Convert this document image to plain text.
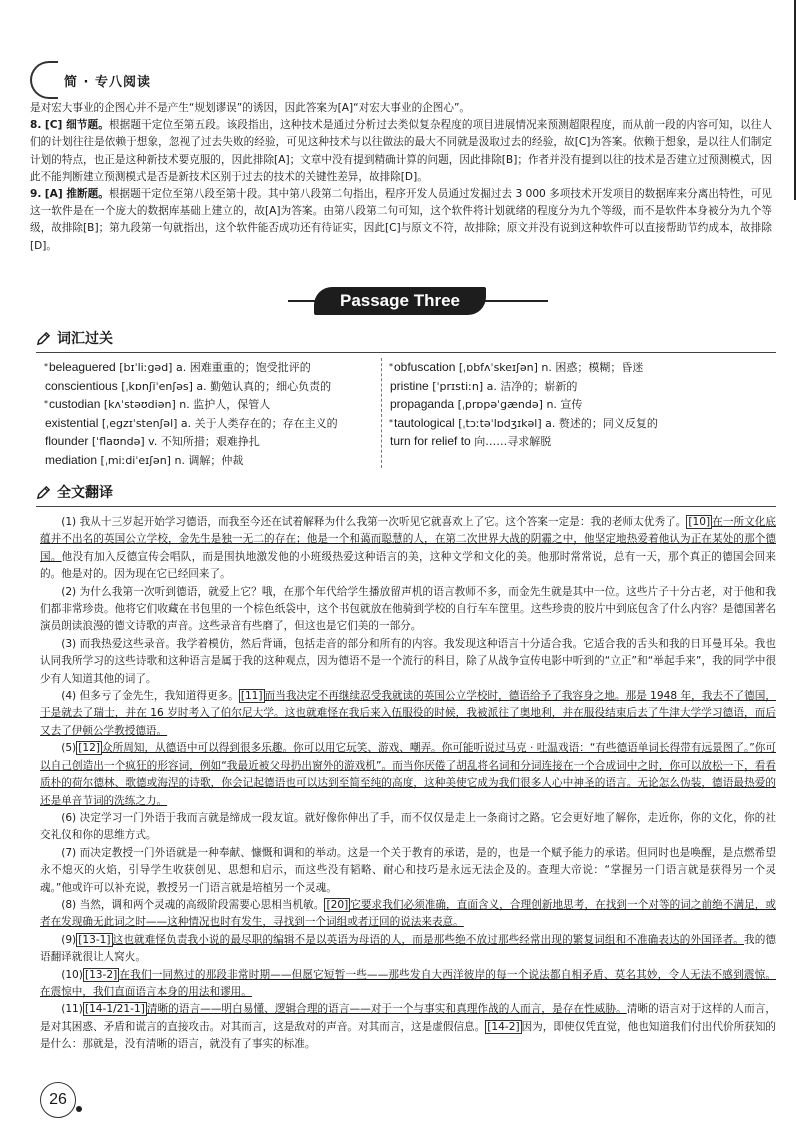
简 · 专八阅读

是对宏大事业的企图心并不是产生“规划谬误”的诱因，因此答案为[A]“对宏大事业的企图心”。

8. [C] 细节题。根据题干定位至第五段。该段指出，这种技术是通过分析过去类似复杂程度的项目进展情况来预测超限程度，而从前一段的内容可知，以往人们的计划往往是依赖于想象，忽视了过去失败的经验，可见这种技术与以往做法的最大不同就是汲取过去的经验，故[C]为答案。依赖于想象，是以往人们制定计划的特点，也正是这种新技术要克服的，因此排除[A]；文章中没有提到精确计算的问题，因此排除[B]；作者并没有提到以往的技术是否建立过预测模式，因此不能判断建立预测模式是否是新技术区别于过去的技术的关键性差异，故排除[D]。

9. [A] 推断题。根据题干定位至第八段至第十段。其中第八段第二句指出，程序开发人员通过发掘过去 3 000 多项技术开发项目的数据库来分离出特性，可见这一软件是在一个庞大的数据库基础上建立的，故[A]为答案。由第八段第二句可知，这个软件将计划就绪的程度分为九个等级，而不是软件本身被分为九个等级，故排除[B]；第九段第一句就指出，这个软件能否成功还有待证实，因此[C]与原文不符，故排除；原文并没有说到这种软件可以直接帮助节约成本，故排除[D]。

Passage Three
词汇过关
*beleaguered [bɪˈliːgəd] a. 困难重重的；饱受批评的
conscientious [ˌkɒnʃiˈenʃəs] a. 勤勉认真的；细心负责的
*custodian [kʌˈstəʊdiən] n. 监护人，保管人
existential [ˌegzɪˈstenʃəl] a. 关于人类存在的；存在主义的
flounder [ˈflaʊndə] v. 不知所措；艰难挣扎
mediation [ˌmiːdiˈeɪʃən] n. 调解；仲裁
*obfuscation [ˌɒbfʌˈskeɪʃən] n. 困惑；模糊；昏迷
pristine [ˈprɪstiːn] a. 洁净的；崭新的
propaganda [ˌprɒpəˈgændə] n. 宣传
*tautological [ˌtɔːtəˈlɒdʒɪkəl] a. 赘述的；同义反复的
turn for relief to 向……寻求解脱
全文翻译

(1) 我从十三岁起开始学习德语，而我至今还在试着解释为什么我第一次听见它就喜欢上了它。这个答案一定是：我的老师太优秀了。 [10] 在一所文化底蕴并不出名的英国公立学校，金先生是独一无二的存在；他是一个和蔼而聪慧的人，在第二次世界大战的阴霾之中，他坚定地热爱着他认为正在某处的那个德国。他没有加入反德宣传会唱队，而是围执地激发他的小班级热爱这种语言的美，这种文学和文化的美。他那时常常说，总有一天，那个真正的德国会回来的。他是对的。因为现在它已经回来了。

(2) 为什么我第一次听到德语，就爱上它？哦，在那个年代给学生播放留声机的语言教师不多，而金先生就是其中一位。这些片子十分古老，对于他和我们都非常珍贵。他将它们收藏在书包里的一个棕色纸袋中，这个书包就放在他骑到学校的自行车车筐里。这些珍贵的胶片中到底包含了什么内容？是德国著名演员朗读浪漫的德文诗歌的声音。这些录音有些磨了，但这也是它们美的一部分。

(3) 而我热爱这些录音。我学着模仿，然后背诵，包括走音的部分和所有的内容。我发现这种语言十分适合我。它适合我的舌头和我的日耳曼耳朵。我也认同我所学习的这些诗歌和这种语言是属于我的这种观点，因为德语不是一个流行的科目，除了从战争宣传电影中听到的“立正”和“举起手来”，我的同学中很少有人知道其他的词了。

(4) 但多亏了金先生，我知道得更多。 [11] 而当我决定不再继续忍受我就读的英国公立学校时，德语给予了我容身之地。那是 1948 年，我去不了德国，于是就去了瑞士，并在 16 岁时考入了伯尔尼大学。这也就难怪在我后来入伍服役的时候，我被派往了奥地利，并在服役结束后去了牛津大学学习德语，而后又去了伊顿公学教授德语。

(5) [12] 众所周知，从德语中可以得到很多乐趣。你可以用它玩笑、游戏、嘲弄。你可能听说过马克 · 吐温戏语：“有些德语单词长得带有远景图了。”你可以自己创造出一个疯狂的形容词，例如“我最近被父母扔出窗外的游戏机”。而当你厌倦了胡乱将名词和分词连接在一个合成词中之时，你可以放松一下，看看质朴的荷尔德林、歌德或海涅的诗歌，你会记起德语也可以达到至简至纯的高度，这种美使它成为我们很多人心中神圣的语言。无论怎么伪装，德语最热爱的还是单音节词的洗练之力。

(6) 决定学习一门外语于我而言就是缔成一段友谊。就好像你伸出了手，而不仅仅是走上一条商讨之路。它会更好地了解你，走近你，你的文化，你的社交礼仪和你的思维方式。

(7) 而决定教授一门外语就是一种奉献、慷慨和调和的举动。这是一个关于教育的承诺，是的，也是一个赋予能力的承诺。但同时也是唤醒，是点燃希望永不熄灭的火焰，引导学生收获创见、思想和启示，而这些没有韬略、耐心和技巧是永远无法企及的。查理大帝说：“掌握另一门语言就是获得另一个灵魂。”他或许可以补充说，教授另一门语言就是培植另一个灵魂。

(8) 当然，调和两个灵魂的高级阶段需要心思相当机敏。 [20] 它要求我们必须准确，直面含义，合理创新地思考，在找到一个对等的词之前绝不满足，或者在发现确无此词之时——这种情况也时有发生，寻找到一个词组或者迂回的说法来表意。

(9) [13-1] 这也就难怪负责我小说的最尽职的编辑不是以英语为母语的人，而是那些绝不放过那些经常出现的繁复词组和不准确表达的外国译者。我的德语翻译就很让人窝火。

(10) [13-2] 在我们一同熬过的那段非常时期——但愿它短暂一些——那些发自大西洋彼岸的每一个说法都自相矛盾、莫名其妙，令人无法不感到震惊。在震惊中，我们直面语言本身的用法和谬用。

(11) [14-1/21-1] 清晰的语言——明白易懂、逻辑合理的语言——对于一个与事实和真理作战的人而言，是存在性威胁。清晰的语言对于这样的人而言，是对其困惑、矛盾和谎言的直接攻击。对其而言，这是敌对的声音。对其而言，这是虚假信息。 [14-2] 因为，即使仅凭直觉，他也知道我们付出代价所获知的是什么：那就是，没有清晰的语言，就没有了事实的标准。

26
